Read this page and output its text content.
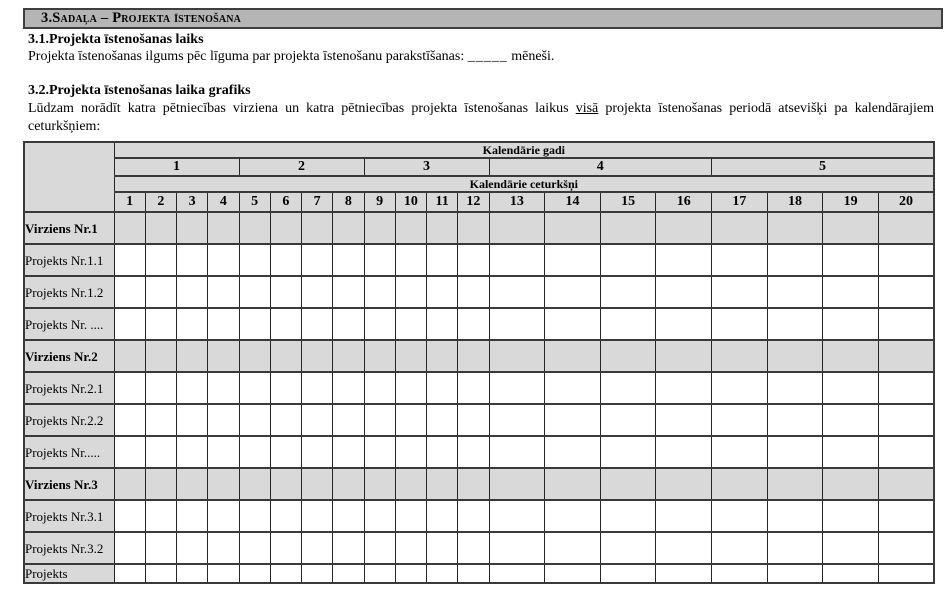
3.Sadaļa – Projekta īstenošana
3.1.Projekta īstenošanas laiks
Projekta īstenošanas ilgums pēc līguma par projekta īstenošanu parakstīšanas: _____ mēneši.
3.2.Projekta īstenošanas laika grafiks
Lūdzam norādīt katra pētniecības virziena un katra pētniecības projekta īstenošanas laikus visā projekta īstenošanas periodā atsevišķi pa kalendārajiem ceturkšņiem:
	Kalendārie gadi																			
	1				2				3				4				5			
	Kalendārie ceturkšņi																			
	1	2	3	4	5	6	7	8	9	10	11	12	13	14	15	16	17	18	19	20
Virziens Nr.1																				
Projekts Nr.1.1																				
Projekts Nr.1.2																				
Projekts Nr. ....																				
Virziens Nr.2																				
Projekts Nr.2.1																				
Projekts Nr.2.2																				
Projekts Nr.....																				
Virziens Nr.3																				
Projekts Nr.3.1																				
Projekts Nr.3.2																				
Projekts																				
